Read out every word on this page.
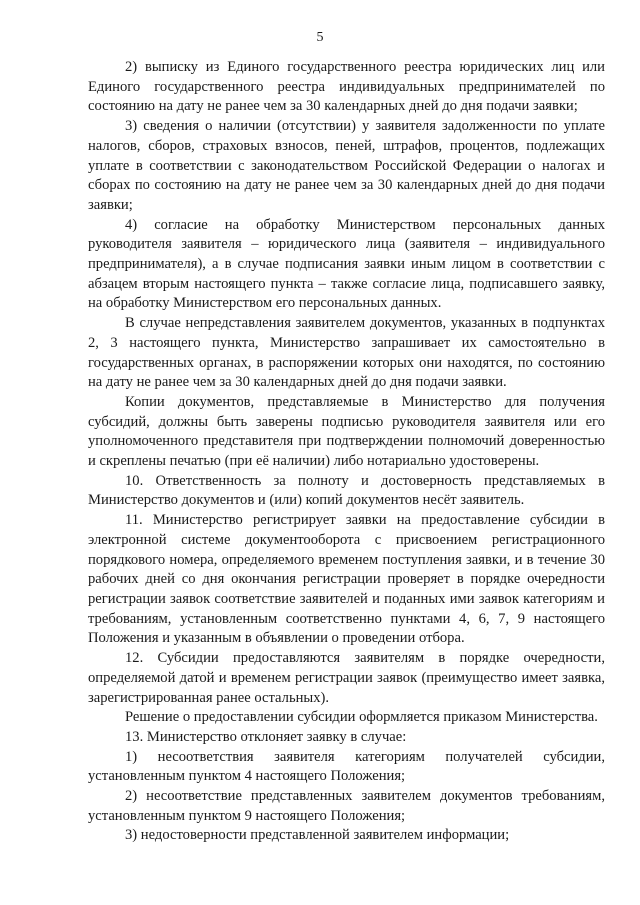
5

2) выписку из Единого государственного реестра юридических лиц или Единого государственного реестра индивидуальных предпринимателей по состоянию на дату не ранее чем за 30 календарных дней до дня подачи заявки;

3) сведения о наличии (отсутствии) у заявителя задолженности по уплате налогов, сборов, страховых взносов, пеней, штрафов, процентов, подлежащих уплате в соответствии с законодательством Российской Федерации о налогах и сборах по состоянию на дату не ранее чем за 30 календарных дней до дня подачи заявки;

4) согласие на обработку Министерством персональных данных руководителя заявителя – юридического лица (заявителя – индивидуального предпринимателя), а в случае подписания заявки иным лицом в соответствии с абзацем вторым настоящего пункта – также согласие лица, подписавшего заявку, на обработку Министерством его персональных данных.

В случае непредставления заявителем документов, указанных в подпунктах 2, 3 настоящего пункта, Министерство запрашивает их самостоятельно в государственных органах, в распоряжении которых они находятся, по состоянию на дату не ранее чем за 30 календарных дней до дня подачи заявки.

Копии документов, представляемые в Министерство для получения субсидий, должны быть заверены подписью руководителя заявителя или его уполномоченного представителя при подтверждении полномочий доверенностью и скреплены печатью (при её наличии) либо нотариально удостоверены.

10. Ответственность за полноту и достоверность представляемых в Министерство документов и (или) копий документов несёт заявитель.

11. Министерство регистрирует заявки на предоставление субсидии в электронной системе документооборота с присвоением регистрационного порядкового номера, определяемого временем поступления заявки, и в течение 30 рабочих дней со дня окончания регистрации проверяет в порядке очередности регистрации заявок соответствие заявителей и поданных ими заявок категориям и требованиям, установленным соответственно пунктами 4, 6, 7, 9 настоящего Положения и указанным в объявлении о проведении отбора.

12. Субсидии предоставляются заявителям в порядке очередности, определяемой датой и временем регистрации заявок (преимущество имеет заявка, зарегистрированная ранее остальных).

Решение о предоставлении субсидии оформляется приказом Министерства.

13. Министерство отклоняет заявку в случае:

1) несоответствия заявителя категориям получателей субсидии, установленным пунктом 4 настоящего Положения;

2) несоответствие представленных заявителем документов требованиям, установленным пунктом 9 настоящего Положения;

3) недостоверности представленной заявителем информации;
